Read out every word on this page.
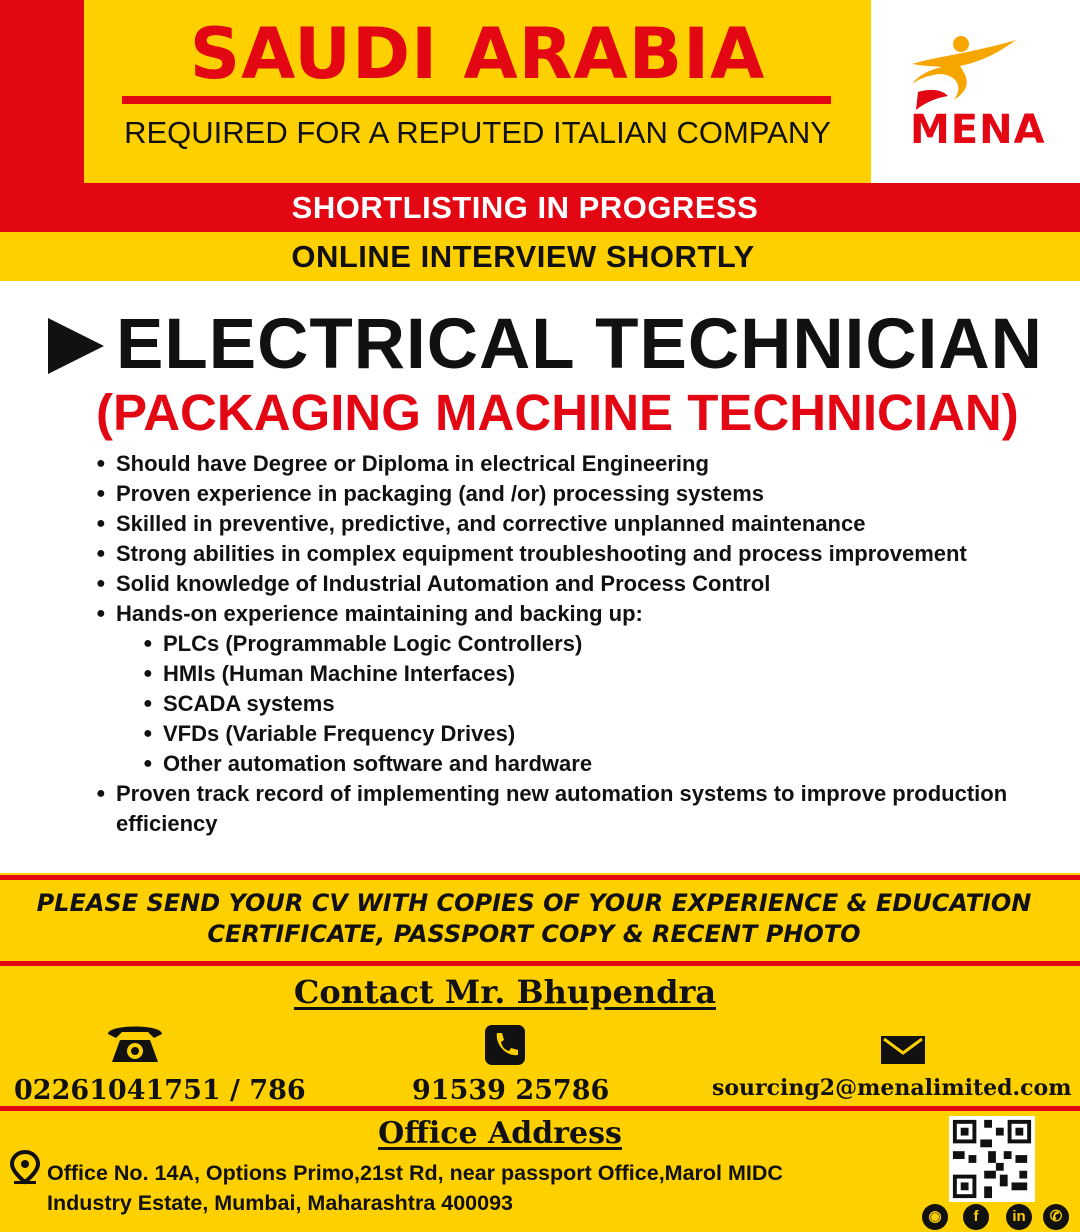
SAUDI ARABIA
REQUIRED FOR A REPUTED ITALIAN COMPANY	MENA
SHORTLISTING IN PROGRESS
ONLINE INTERVIEW SHORTLY
ELECTRICAL TECHNICIAN
(PACKAGING MACHINE TECHNICIAN)
● Should have Degree or Diploma in electrical Engineering
● Proven experience in packaging (and /or) processing systems
● Skilled in preventive, predictive, and corrective unplanned maintenance
● Strong abilities in complex equipment troubleshooting and process improvement
● Solid knowledge of Industrial Automation and Process Control
● Hands-on experience maintaining and backing up:
● PLCs (Programmable Logic Controllers)
● HMIs (Human Machine Interfaces)
● SCADA systems
● VFDs (Variable Frequency Drives)
● Other automation software and hardware
● Proven track record of implementing new automation systems to improve production efficiency
PLEASE SEND YOUR CV WITH COPIES OF YOUR EXPERIENCE & EDUCATION
CERTIFICATE, PASSPORT COPY & RECENT PHOTO
Contact Mr. Bhupendra
02261041751 / 786	91539 25786	sourcing2@menalimited.com
Office Address
Office No. 14A, Options Primo,21st Rd, near passport Office,Marol MIDC
Industry Estate, Mumbai, Maharashtra 400093
◉	f	in	✆
